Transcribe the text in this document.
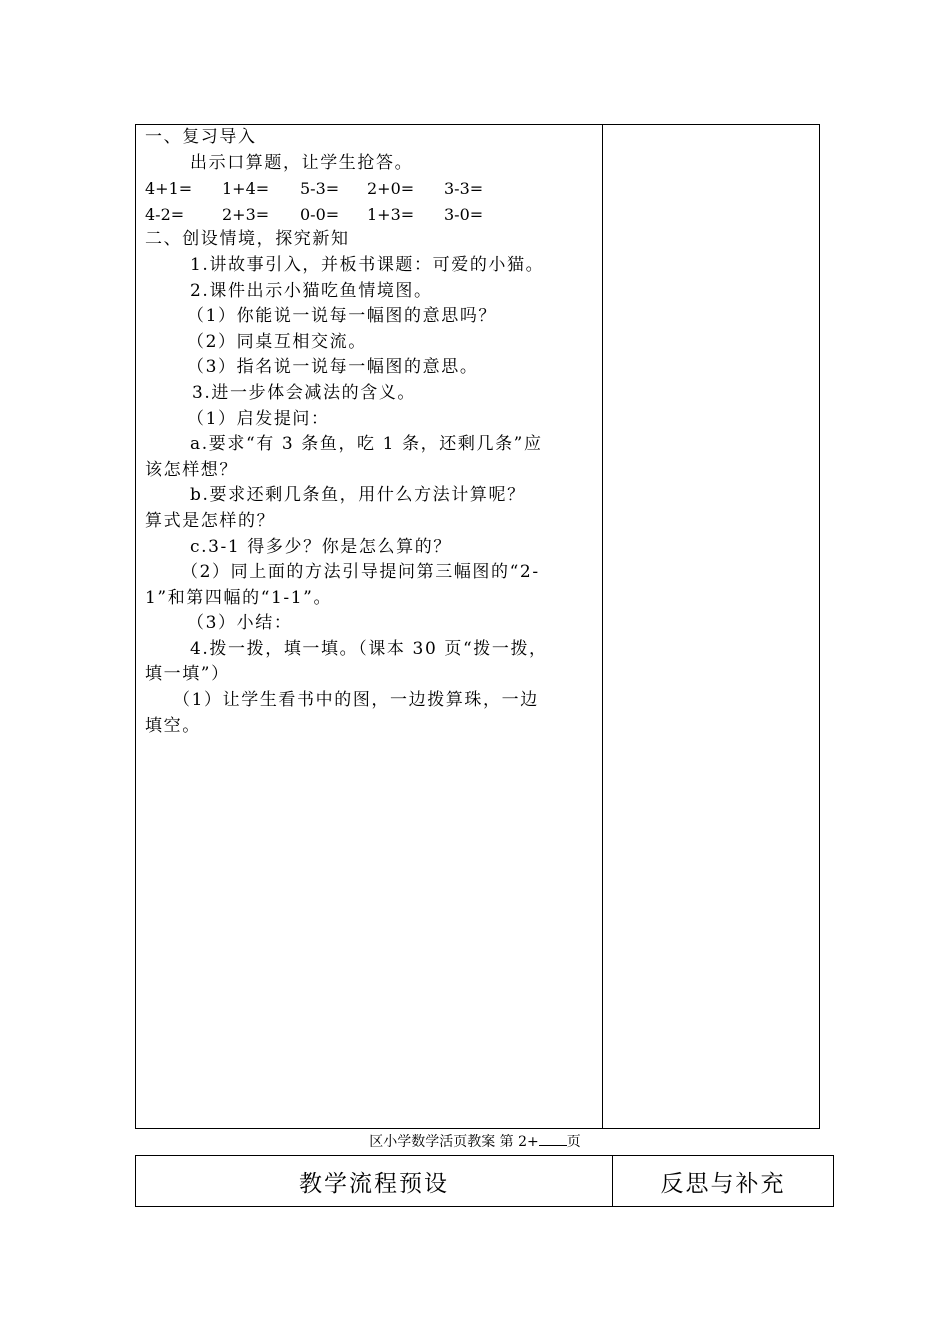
一、复习导入
出示口算题，让学生抢答。
4+1=	1+4=	5-3=	2+0=	3-3=
4-2=	2+3=	0-0=	1+3=	3-0=
二、创设情境，探究新知
1.讲故事引入，并板书课题：可爱的小猫。
2.课件出示小猫吃鱼情境图。
（1）你能说一说每一幅图的意思吗？
（2）同桌互相交流。
（3）指名说一说每一幅图的意思。
3.进一步体会减法的含义。
（1）启发提问：
a.要求“有 3 条鱼，吃 1 条，还剩几条”应
该怎样想？
b.要求还剩几条鱼，用什么方法计算呢？
算式是怎样的？
c.3-1 得多少？你是怎么算的？
（2）同上面的方法引导提问第三幅图的“2-
1”和第四幅的“1-1”。
（3）小结：
4.拨一拨，填一填。（课本 30 页“拨一拨，
填一填”）
（1）让学生看书中的图，一边拨算珠，一边
填空。
区小学数学活页教案 第 2+ 页
教学流程预设	反思与补充
